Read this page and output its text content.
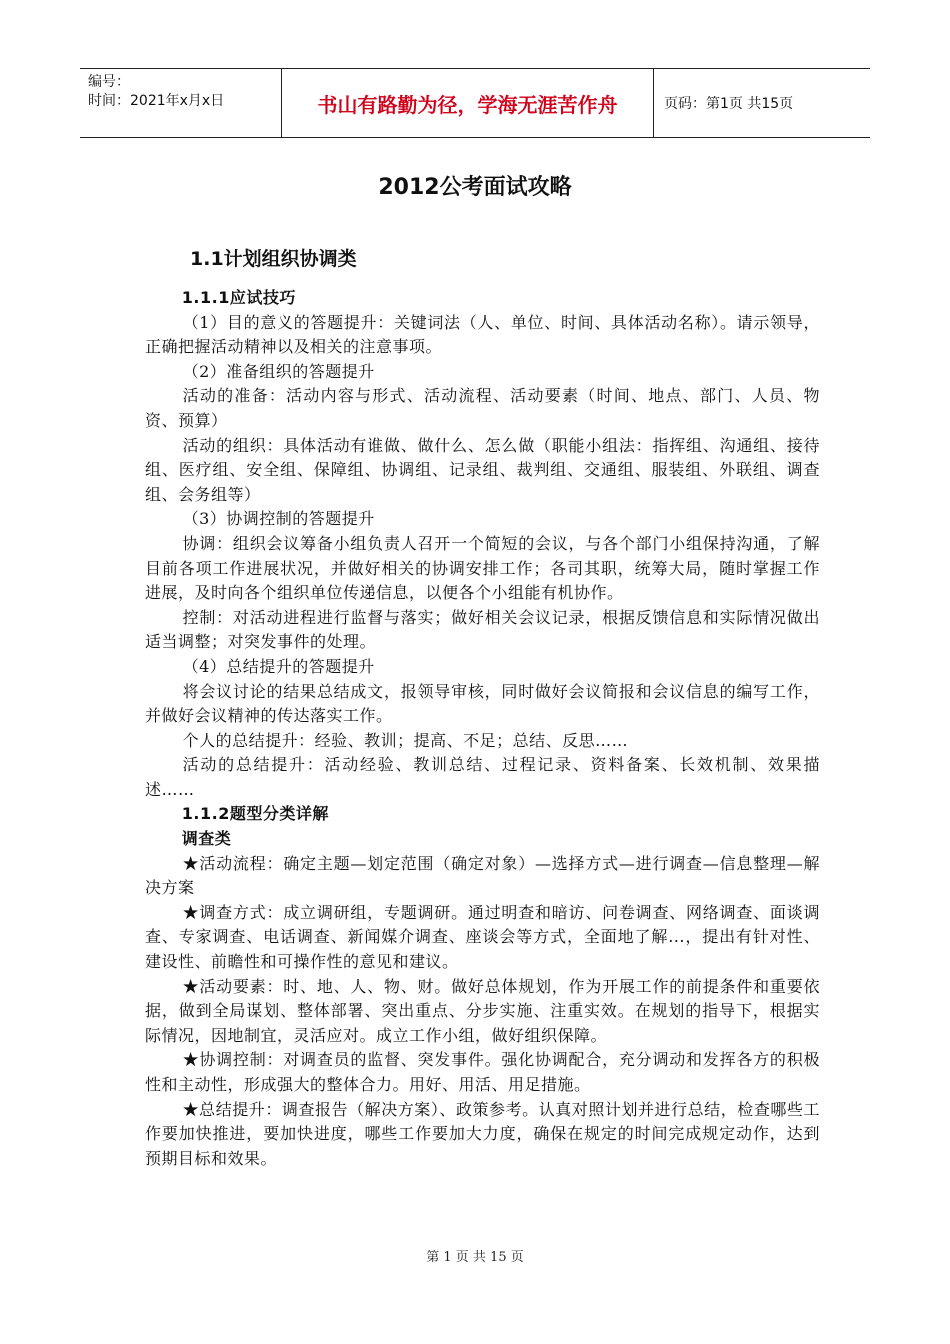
编号：
时间：2021年x月x日	书山有路勤为径，学海无涯苦作舟	页码：第1页 共15页
2012公考面试攻略
1.1计划组织协调类

1.1.1应试技巧

（1）目的意义的答题提升：关键词法（人、单位、时间、具体活动名称）。请示领导，正确把握活动精神以及相关的注意事项。

（2）准备组织的答题提升

活动的准备：活动内容与形式、活动流程、活动要素（时间、地点、部门、人员、物资、预算）

活动的组织：具体活动有谁做、做什么、怎么做（职能小组法：指挥组、沟通组、接待组、医疗组、安全组、保障组、协调组、记录组、裁判组、交通组、服装组、外联组、调查组、会务组等）

（3）协调控制的答题提升

协调：组织会议筹备小组负责人召开一个简短的会议，与各个部门小组保持沟通，了解目前各项工作进展状况，并做好相关的协调安排工作；各司其职，统筹大局，随时掌握工作进展，及时向各个组织单位传递信息，以便各个小组能有机协作。

控制：对活动进程进行监督与落实；做好相关会议记录，根据反馈信息和实际情况做出适当调整；对突发事件的处理。

（4）总结提升的答题提升

将会议讨论的结果总结成文，报领导审核，同时做好会议简报和会议信息的编写工作，并做好会议精神的传达落实工作。

个人的总结提升：经验、教训；提高、不足；总结、反思……

活动的总结提升：活动经验、教训总结、过程记录、资料备案、长效机制、效果描述……

1.1.2题型分类详解

调查类

★活动流程：确定主题—划定范围（确定对象）—选择方式—进行调查—信息整理—解决方案

★调查方式：成立调研组，专题调研。通过明查和暗访、问卷调查、网络调查、面谈调查、专家调查、电话调查、新闻媒介调查、座谈会等方式，全面地了解...，提出有针对性、建设性、前瞻性和可操作性的意见和建议。

★活动要素：时、地、人、物、财。做好总体规划，作为开展工作的前提条件和重要依据，做到全局谋划、整体部署、突出重点、分步实施、注重实效。在规划的指导下，根据实际情况，因地制宜，灵活应对。成立工作小组，做好组织保障。

★协调控制：对调查员的监督、突发事件。强化协调配合，充分调动和发挥各方的积极性和主动性，形成强大的整体合力。用好、用活、用足措施。

★总结提升：调查报告（解决方案）、政策参考。认真对照计划并进行总结，检查哪些工作要加快推进，要加快进度，哪些工作要加大力度，确保在规定的时间完成规定动作，达到预期目标和效果。

第 1 页 共 15 页
